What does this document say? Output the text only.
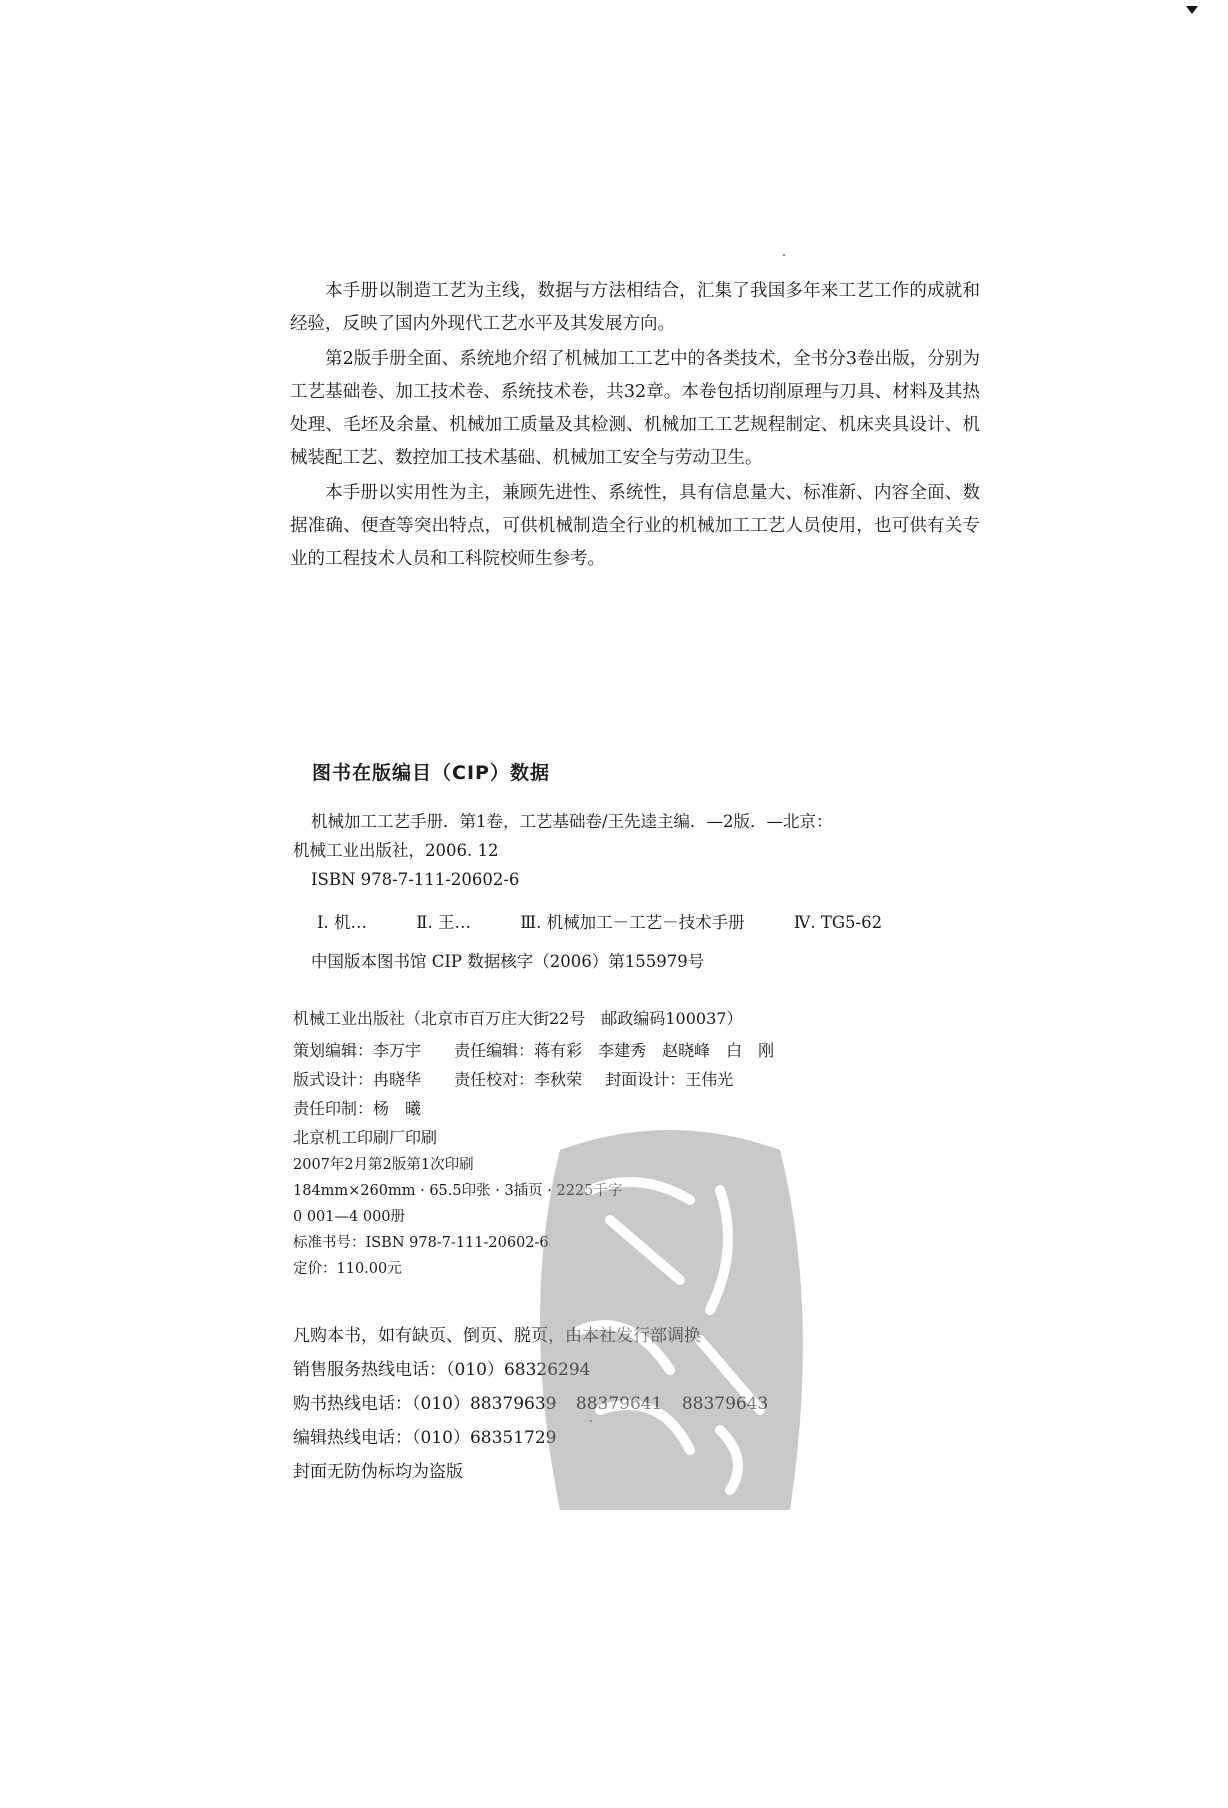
本手册以制造工艺为主线，数据与方法相结合，汇集了我国多年来工艺工作的成就和经验，反映了国内外现代工艺水平及其发展方向。

第2版手册全面、系统地介绍了机械加工工艺中的各类技术，全书分3卷出版，分别为工艺基础卷、加工技术卷、系统技术卷，共32章。本卷包括切削原理与刀具、材料及其热处理、毛坯及余量、机械加工质量及其检测、机械加工工艺规程制定、机床夹具设计、机械装配工艺、数控加工技术基础、机械加工安全与劳动卫生。

本手册以实用性为主，兼顾先进性、系统性，具有信息量大、标准新、内容全面、数据准确、便查等突出特点，可供机械制造全行业的机械加工工艺人员使用，也可供有关专业的工程技术人员和工科院校师生参考。

图书在版编目（CIP）数据
机械加工工艺手册．第1卷，工艺基础卷/王先逵主编．—2版．—北京：
机械工业出版社，2006. 12
ISBN 978-7-111-20602-6
Ⅰ. 机…	Ⅱ. 王…	Ⅲ. 机械加工－工艺－技术手册	Ⅳ. TG5-62
中国版本图书馆 CIP 数据核字（2006）第155979号
机械工业出版社（北京市百万庄大街22号　邮政编码100037）
策划编辑：李万宇 责任编辑：蒋有彩　李建秀　赵晓峰　白　刚
版式设计：冉晓华 责任校对：李秋荣 封面设计：王伟光
责任印制：杨　曦
北京机工印刷厂印刷
2007年2月第2版第1次印刷
184mm×260mm · 65.5印张 · 3插页 · 2225千字
0 001—4 000册
标准书号：ISBN 978-7-111-20602-6
定价：110.00元
凡购本书，如有缺页、倒页、脱页，由本社发行部调换
销售服务热线电话：（010）68326294
购书热线电话：（010）88379639 88379641 88379643
编辑热线电话：（010）68351729
封面无防伪标均为盗版
